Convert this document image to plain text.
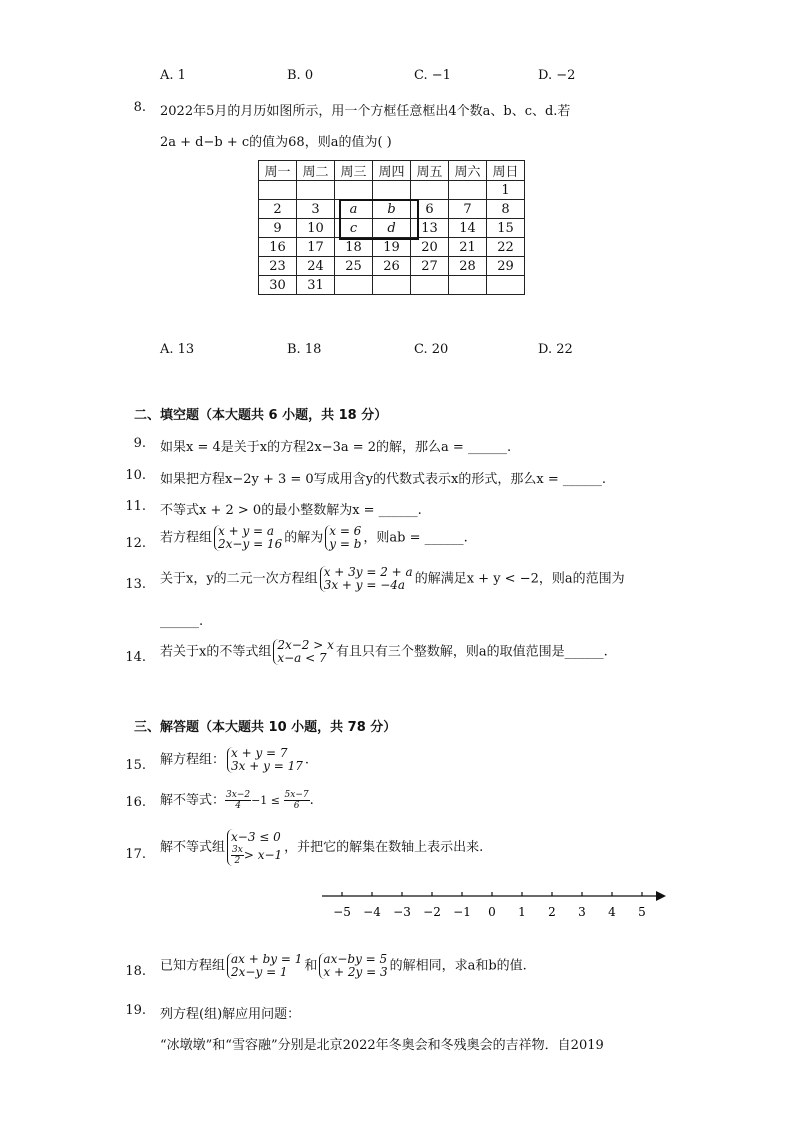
A. 1	B. 0	C. −1	D. −2
8. 2022年5月的月历如图所示，用一个方框任意框出4个数a、b、c、d.若
2a + d−b + c的值为68，则a的值为( )
周一	周二	周三	周四	周五	周六	周日
						1
2	3	a	b	6	7	8
9	10	c	d	13	14	15
16	17	18	19	20	21	22
23	24	25	26	27	28	29
30	31					
A. 13	B. 18	C. 20	D. 22
二、填空题（本大题共 6 小题，共 18 分）
9. 如果x = 4是关于x的方程2x−3a = 2的解，那么a = ______.
10. 如果把方程x−2y + 3 = 0写成用含y的代数式表示x的形式，那么x = ______.
11. 不等式x + 2 > 0的最小整数解为x = ______.
12. 若方程组 x + y = a
2x−y = 16 的解为 x = 6
y = b ，则ab = ______.
13. 关于x，y的二元一次方程组 x + 3y = 2 + a
3x + y = −4a 的解满足x + y < −2，则a的范围为
______.
14. 若关于x的不等式组 2x−2 > x
x−a < 7 有且只有三个整数解，则a的取值范围是______.
三、解答题（本大题共 10 小题，共 78 分）
15. 解方程组： x + y = 7
3x + y = 17 .
16. 解不等式： $\frac{3x-2}{4} -1 \le \frac{5x-7}{6}$ .
17. 解不等式组
x−3 ≤ 0
$\frac{3x}{2} > x-1$ ，并把它的解集在数轴上表示出来.
−5 −4 −3 −2 −1 0 1 2 3 4 5
18. 已知方程组 ax + by = 1
2x−y = 1	和 ax−by = 5
x + 2y = 3 的解相同，求a和b的值.
19. 列方程(组)解应用问题：
“冰墩墩”和“雪容融”分别是北京2022年冬奥会和冬残奥会的吉祥物．自2019
